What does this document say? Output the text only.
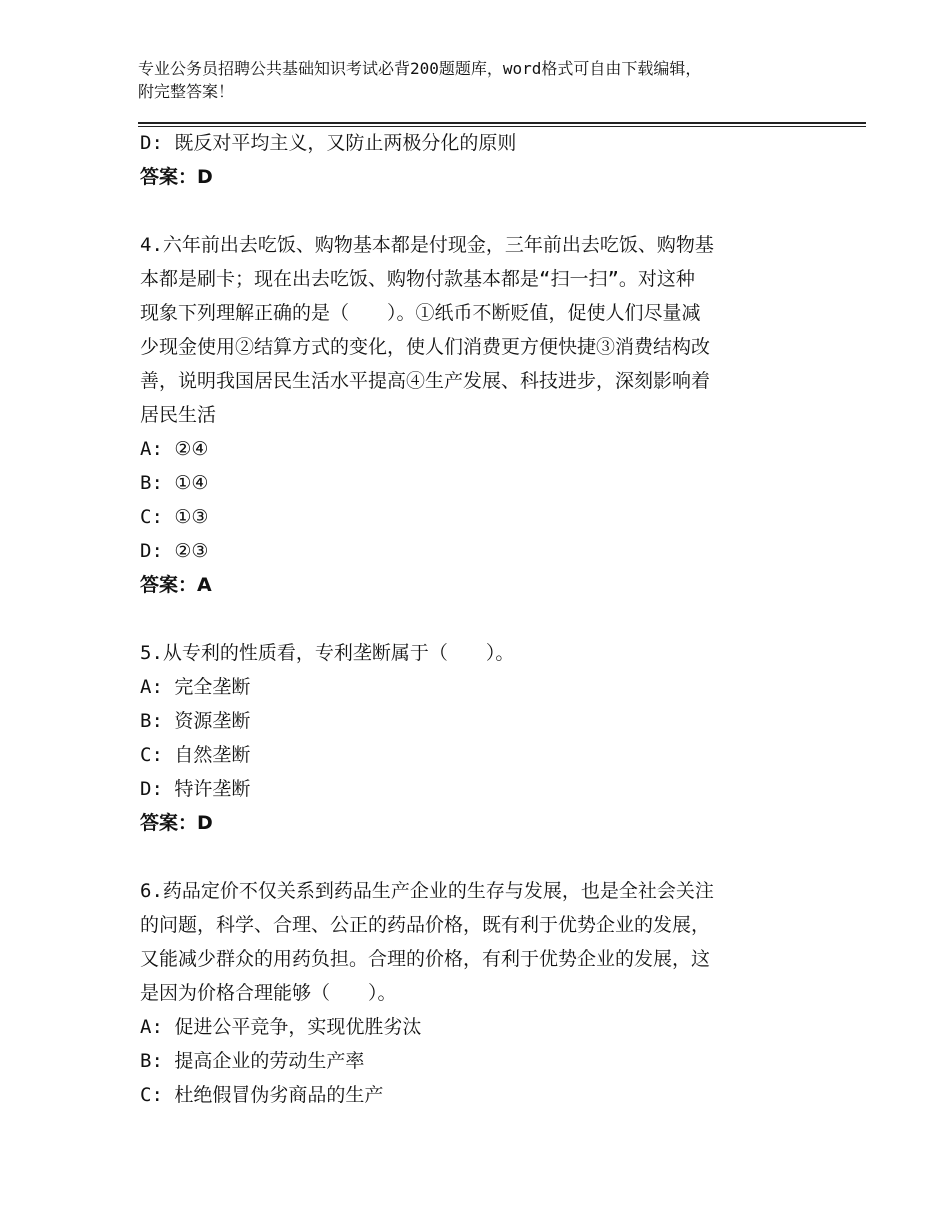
专业公务员招聘公共基础知识考试必背200题题库，word格式可自由下载编辑，
附完整答案！

D: 既反对平均主义，又防止两极分化的原则

答案：D

4.六年前出去吃饭、购物基本都是付现金，三年前出去吃饭、购物基

本都是刷卡；现在出去吃饭、购物付款基本都是“扫一扫”。对这种

现象下列理解正确的是（　　）。①纸币不断贬值，促使人们尽量减

少现金使用②结算方式的变化，使人们消费更方便快捷③消费结构改

善，说明我国居民生活水平提高④生产发展、科技进步，深刻影响着

居民生活

A: ②④

B: ①④

C: ①③

D: ②③

答案：A

5.从专利的性质看，专利垄断属于（　　）。

A: 完全垄断

B: 资源垄断

C: 自然垄断

D: 特许垄断

答案：D

6.药品定价不仅关系到药品生产企业的生存与发展，也是全社会关注

的问题，科学、合理、公正的药品价格，既有利于优势企业的发展，

又能减少群众的用药负担。合理的价格，有利于优势企业的发展，这

是因为价格合理能够（　　）。

A: 促进公平竞争，实现优胜劣汰

B: 提高企业的劳动生产率

C: 杜绝假冒伪劣商品的生产
